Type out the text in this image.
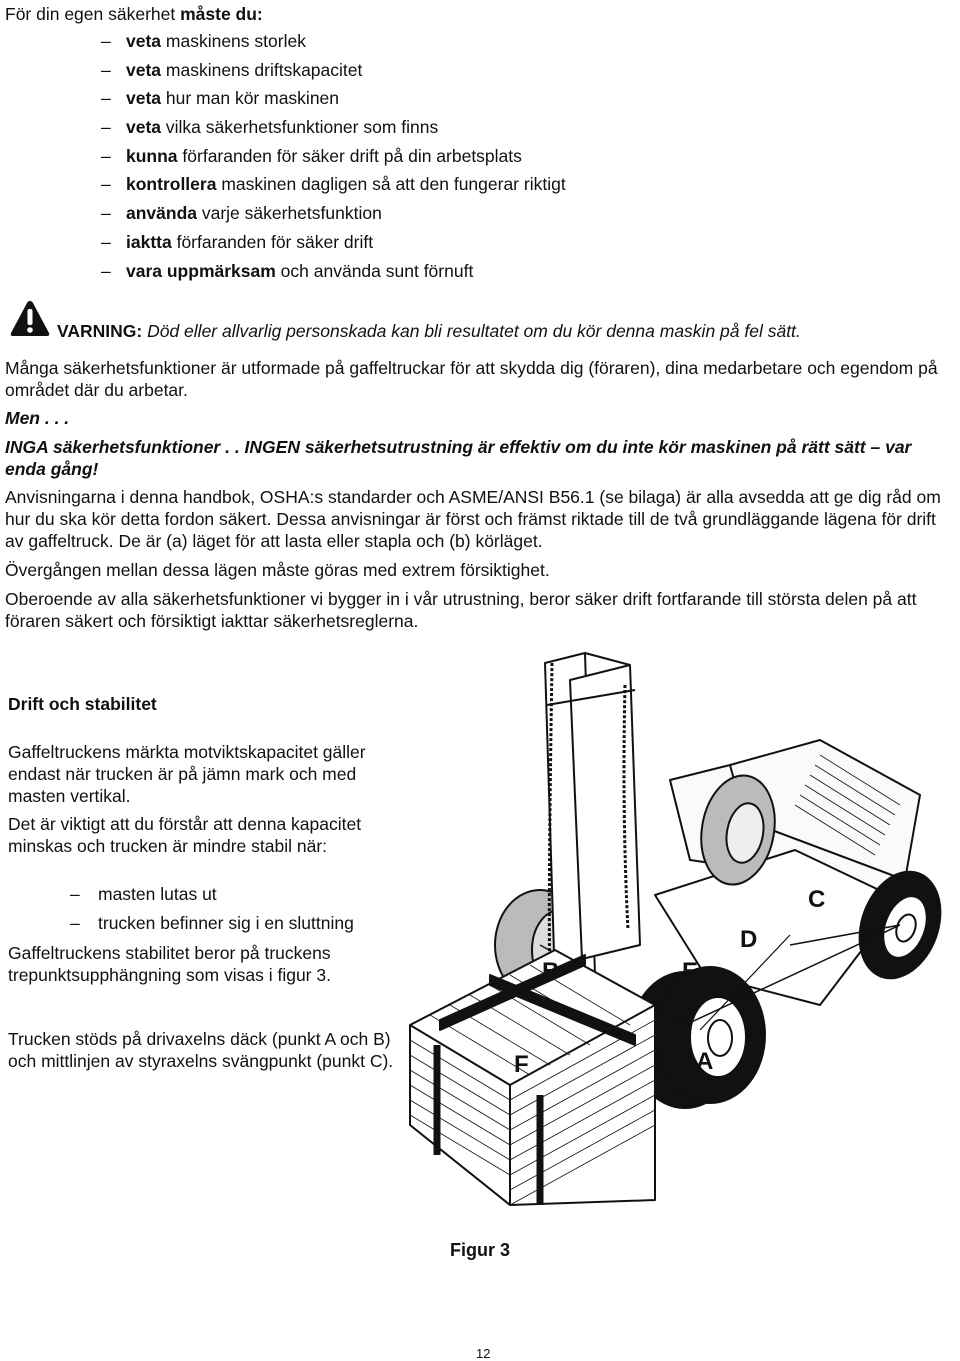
För din egen säkerhet måste du:
– veta maskinens storlek
– veta maskinens driftskapacitet
– veta hur man kör maskinen
– veta vilka säkerhetsfunktioner som finns
– kunna förfaranden för säker drift på din arbetsplats
– kontrollera maskinen dagligen så att den fungerar riktigt
– använda varje säkerhetsfunktion
– iaktta förfaranden för säker drift
– vara uppmärksam och använda sunt förnuft
VARNING: Död eller allvarlig personskada kan bli resultatet om du kör denna maskin på fel sätt.
Många säkerhetsfunktioner är utformade på gaffeltruckar för att skydda dig (föraren), dina medarbetare och egendom på området där du arbetar.
Men . . .
INGA säkerhetsfunktioner . . INGEN säkerhetsutrustning är effektiv om du inte kör maskinen på rätt sätt – var enda gång!
Anvisningarna i denna handbok, OSHA:s standarder och ASME/ANSI B56.1 (se bilaga) är alla avsedda att ge dig råd om hur du ska kör detta fordon säkert. Dessa anvisningar är först och främst riktade till de två grundläggande lägena för drift av gaffeltruck. De är (a) läget för att lasta eller stapla och (b) körläget.
Övergången mellan dessa lägen måste göras med extrem försiktighet.
Oberoende av alla säkerhetsfunktioner vi bygger in i vår utrustning, beror säker drift fortfarande till största delen på att föraren säkert och försiktigt iakttar säkerhetsreglerna.
Drift och stabilitet
Gaffeltruckens märkta motviktskapacitet gäller endast när trucken är på jämn mark och med masten vertikal.
Det är viktigt att du förstår att denna kapacitet minskas och trucken är mindre stabil när:
– masten lutas ut
– trucken befinner sig i en sluttning
Gaffeltruckens stabilitet beror på truckens trepunktsupphängning som visas i figur 3.
Trucken stöds på drivaxelns däck (punkt A och B) och mittlinjen av styraxelns svängpunkt (punkt C).
B	E
D
C
F	A
Figur 3
12
